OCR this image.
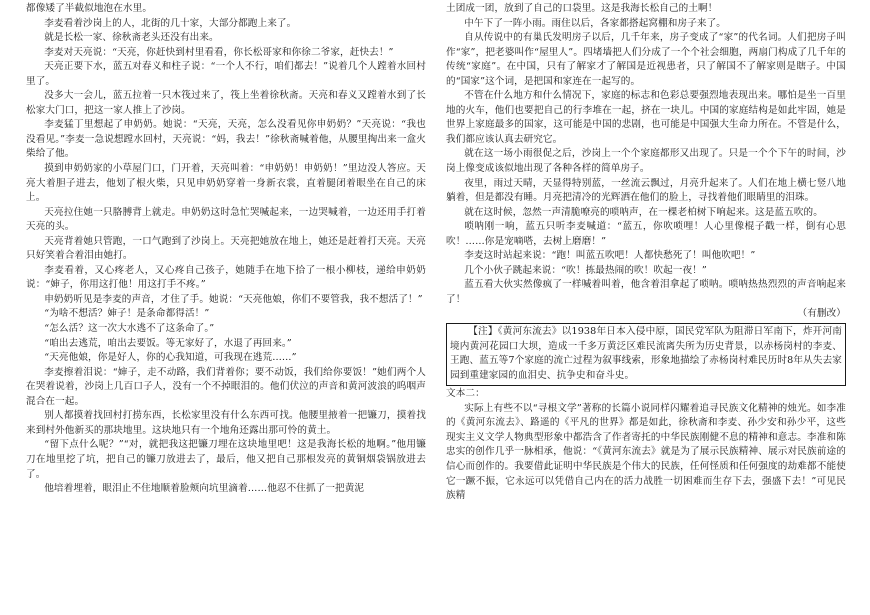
都像矮了半截似地泡在水里。

李麦看着沙岗上的人，北街的几十家，大部分都跑上来了。

就是长松一家、徐秋斋老头还没有出来。

李麦对天亮说：“天亮，你赶快到村里看看，你长松哥家和你徐二爷家，赶快去！”

天亮正要下水，蓝五对春义和柱子说：“一个人不行，咱们都去！”说着几个人蹚着水回村里了。

没多大一会儿，蓝五拉着一只木筏过来了，筏上坐着徐秋斋。天亮和春义又蹚着水到了长松家大门口，把这一家人推上了沙岗。

李麦猛丁里想起了申奶奶。她说：“天亮，天亮，怎么没看见你申奶奶？”天亮说：“我也没看见。”李麦一急说想蹚水回村，天亮说：“妈，我去！”徐秋斋喊着他，从腰里掏出来一盒火柴给了他。

摸到申奶奶家的小草屋门口，门开着，天亮叫着：“申奶奶！申奶奶！”里边没人答应。天亮大着胆子进去，他划了根火柴，只见申奶奶穿着一身新衣裳，直着腿闭着眼坐在自己的床上。

天亮拉住她一只胳膊背上就走。申奶奶这时急忙哭喊起来，一边哭喊着，一边还用手打着天亮的头。

天亮背着她只管跑，一口气跑到了沙岗上。天亮把她放在地上，她还是赶着打天亮。天亮只好笑着合着泪由她打。

李麦看着，又心疼老人，又心疼自己孩子，她随手在地下拾了一根小柳枝，递给申奶奶说：“婶子，你用这打他！用这打手不疼。”

申奶奶听见是李麦的声音，才住了手。她说：“天亮他娘，你们不要管我，我不想活了！”

“为啥不想活？婶子！是条命都得活！”

“怎么活？这一次大水逃不了这条命了。”

“咱出去逃荒，咱出去要饭。等无家好了，水退了再回来。”

“天亮他娘，你是好人，你的心我知道，可我现在逃荒……”

李麦擦着泪说：“婶子，走不动路，我们背着你；要不动饭，我们给你要饭！”她们两个人在哭着说着，沙岗上几百口子人，没有一个不掉眼泪的。他们伏泣的声音和黄河波浪的呜咽声混合在一起。

别人都摸着找回村打捞东西，长松家里没有什么东西可找。他腰里掖着一把镰刀，摸着找来到村外他新买的那块地里。这块地只有一个地角还露出那可怜的黄土。

“留下点什么呢？”“对，就把我这把镰刀埋在这块地里吧！这是我海长松的地啊。”他用镰刀在地里挖了坑，把自己的镰刀放进去了，最后，他又把自己那根发亮的黄铜烟袋锅放进去了。

他培着埋着，眼泪止不住地顺着脸颊向坑里滴着……他忍不住抓了一把黄泥

土团成一团，放到了自己的口袋里。这是我海长松自己的土啊！

中午下了一阵小雨。雨住以后，各家都搭起窝棚和房子来了。

自从传说中的有巢氏发明房子以后，几千年来，房子变成了“家”的代名词。人们把房子叫作“家”，把老婆叫作“屋里人”。四堵墙把人们分成了一个个社会细胞，两扇门构成了几千年的传统“家庭”。在中国，只有了解家才了解国是近视患者，只了解国不了解家则是瞎子。中国的“国家”这个词，是把国和家连在一起写的。

不管在什么地方和什么情况下，家庭的标志和色彩总要强烈地表现出来。哪怕是坐一百里地的火车，他们也要把自己的行李堆在一起，挤在一块儿。中国的家庭结构是如此牢固，她是世界上家庭最多的国家，这可能是中国的悲剧，也可能是中国强大生命力所在。不管是什么，我们都应该认真去研究它。

就在这一场小雨很促之后，沙岗上一个个家庭都形又出现了。只是一个个下午的时间，沙岗上像变成该似地出现了各种各样的简单房子。

夜里，雨过天晴，天显得特别蓝，一丝流云飘过，月亮升起来了。人们在地上横七竖八地躺着，但是都没有睡。月亮把清冷的光辉洒在他们的脸上，寻找着他们眼睛里的泪珠。

就在这时候，忽然一声清脆嘹亮的唢呐声，在一棵老柏树下响起来。这是蓝五吹的。

唢呐刚一响，蓝五只听李麦喊道：“蓝五，你吹唢哩！人心里像棍子戳一样，倒有心思吹！……你是宠嘀嗒，去树上磨磨！”

李麦这时站起来说：“跑！叫蓝五吹吧！人都快愁死了！叫他吹吧！”

几个小伙子跳起来说：“吹！拣最热闹的吹！吹起一夜！”

蓝五看大伙实然像疯了一样喊着叫着，他含着泪拿起了唢呐。唢呐热热烈烈的声音响起来了！

（有删改）

【注】《黄河东流去》以1938年日本入侵中原，国民党军队为阻滞日军南下，炸开河南境内黄河花园口大坝，造成一千多万黄泛区难民流离失所为历史背景，以赤杨岗村的李麦、王跑、蓝五等7个家庭的流亡过程为叙事线索，形象地描绘了赤杨岗村难民历时8年从失去家园到重建家园的血泪史、抗争史和奋斗史。

文本二：

实际上有些不以“寻根文学”著称的长篇小说同样闪耀着追寻民族文化精神的烛光。如李准的《黄河东流去》、路遥的《平凡的世界》都是如此，徐秋斋和李麦、孙少安和孙少平，这些现实主义文学人物典型形象中都浩含了作者寄托的中华民族刚健不息的精神和意志。李准和陈忠实的创作几乎一脉相承，他说：“《黄河东流去》就是为了展示民族精神、展示对民族前途的信心而创作的。我要借此证明中华民族是个伟大的民族，任何怪质和任何强度的劫难都不能使它一蹶不振，它永远可以凭借自己内在的活力战胜一切困难而生存下去，强盛下去！”可见民族精
